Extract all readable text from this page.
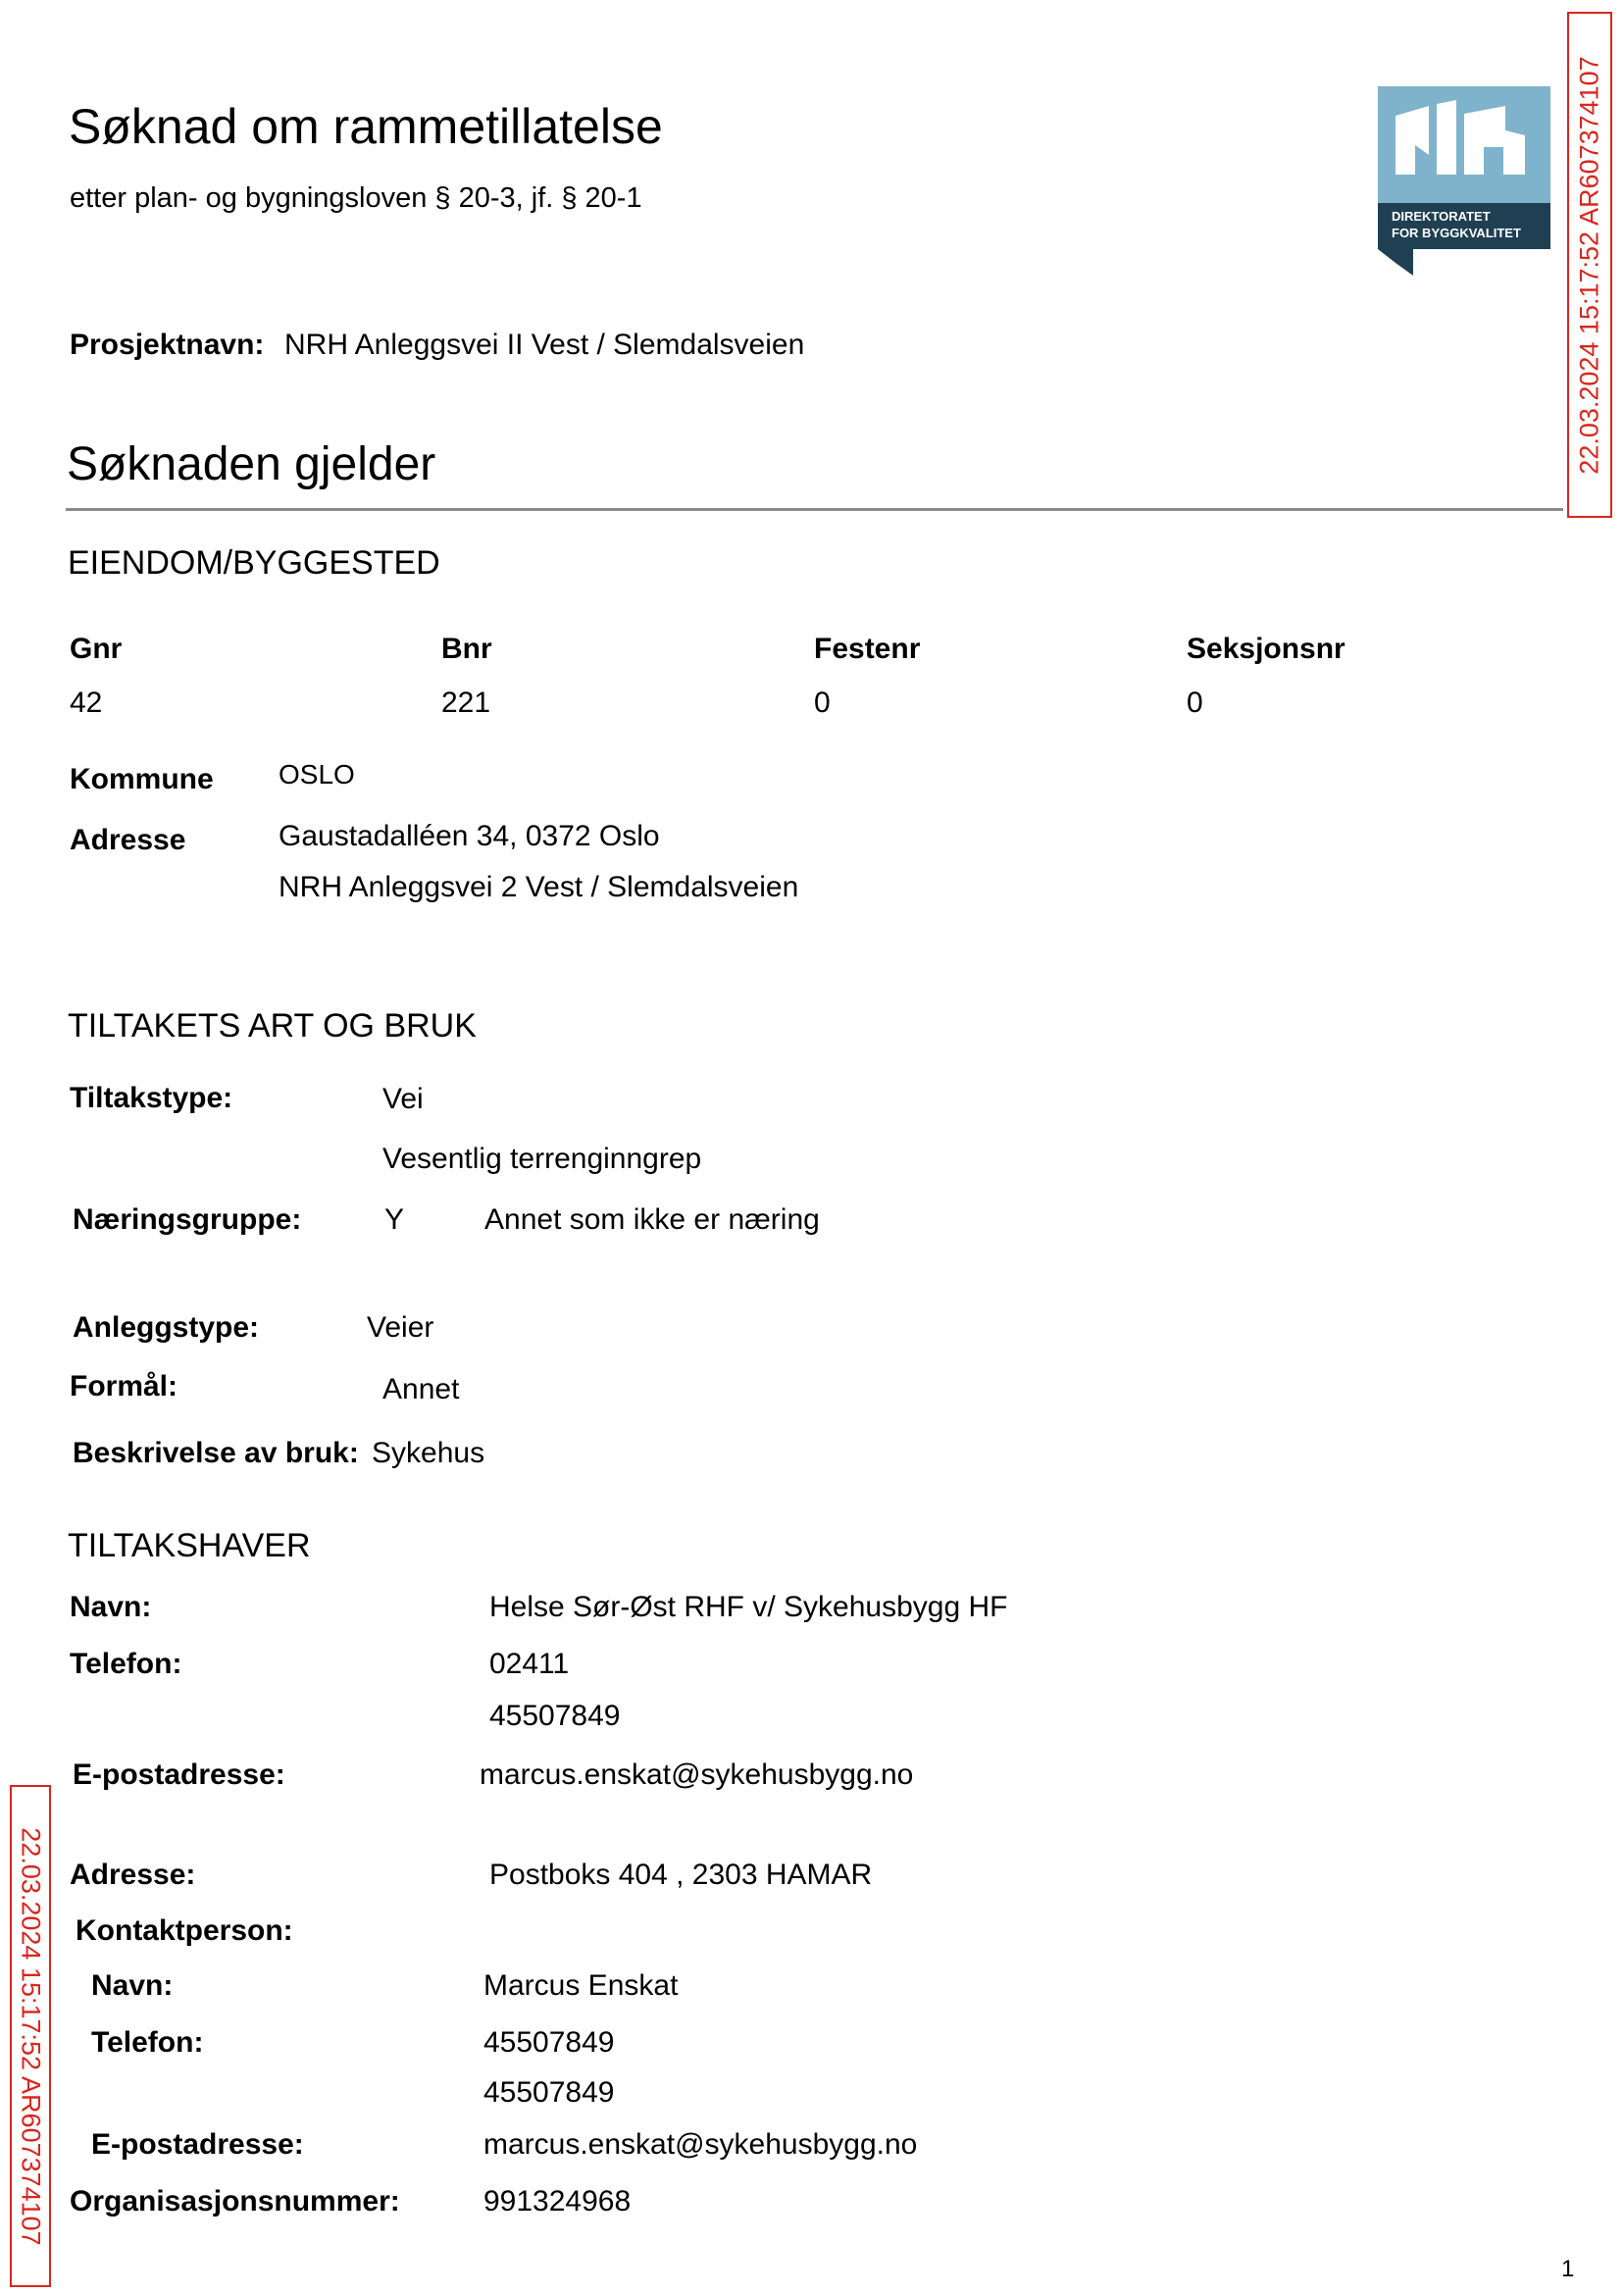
Søknad om rammetillatelse
etter plan- og bygningsloven § 20-3, jf. § 20-1
DIREKTORATET
FOR BYGGKVALITET 22.03.2024 15:17:52 AR607374107
Prosjektnavn: NRH Anleggsvei II Vest / Slemdalsveien
Søknaden gjelder
EIENDOM/BYGGESTED
Gnr	Bnr	Festenr	Seksjonsnr
42	221	0	0
Kommune OSLO
Adresse	Gaustadalléen 34, 0372 Oslo
NRH Anleggsvei 2 Vest / Slemdalsveien
TILTAKETS ART OG BRUK
Tiltakstype:	Vei
Vesentlig terrenginngrep
Næringsgruppe:	Y	Annet som ikke er næring
Anleggstype:	Veier
Formål:	Annet
Beskrivelse av bruk: Sykehus
TILTAKSHAVER
Navn:	Helse Sør-Øst RHF v/ Sykehusbygg HF
Telefon:	02411
45507849
E-postadresse:	marcus.enskat@sykehusbygg.no
Adresse:	Postboks 404 , 2303 HAMAR
Kontaktperson:
Navn:	Marcus Enskat
Telefon:	45507849
45507849
E-postadresse:	marcus.enskat@sykehusbygg.no
Organisasjonsnummer:	991324968
22.03.2024 15:17:52 AR607374107
1
